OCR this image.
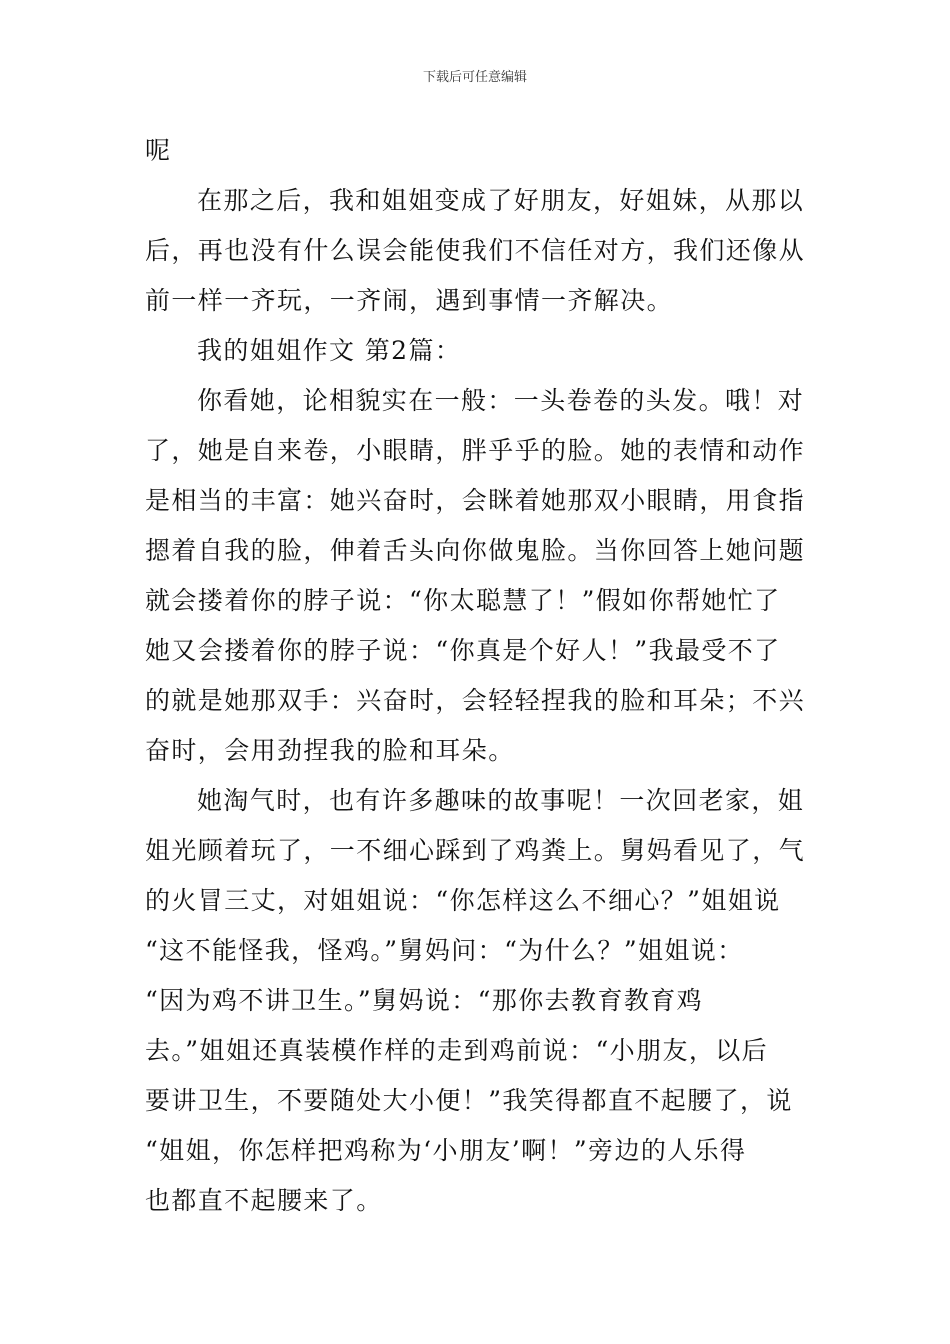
下载后可任意编辑

呢

在那之后，我和姐姐变成了好朋友，好姐妹，从那以
后，再也没有什么误会能使我们不信任对方，我们还像从
前一样一齐玩，一齐闹，遇到事情一齐解决。

我的姐姐作文 第2篇：

你看她，论相貌实在一般：一头卷卷的头发。哦！对
了，她是自来卷，小眼睛，胖乎乎的脸。她的表情和动作
是相当的丰富：她兴奋时，会眯着她那双小眼睛，用食指
摁着自我的脸，伸着舌头向你做鬼脸。当你回答上她问题
就会搂着你的脖子说：“你太聪慧了！”假如你帮她忙了
她又会搂着你的脖子说：“你真是个好人！”我最受不了
的就是她那双手：兴奋时，会轻轻捏我的脸和耳朵；不兴
奋时，会用劲捏我的脸和耳朵。

她淘气时，也有许多趣味的故事呢！一次回老家，姐
姐光顾着玩了，一不细心踩到了鸡粪上。舅妈看见了，气
的火冒三丈，对姐姐说：“你怎样这么不细心？”姐姐说
“这不能怪我，怪鸡。”舅妈问：“为什么？”姐姐说：
“因为鸡不讲卫生。”舅妈说：“那你去教育教育鸡
去。”姐姐还真装模作样的走到鸡前说：“小朋友，以后
要讲卫生，不要随处大小便！”我笑得都直不起腰了，说
“姐姐，你怎样把鸡称为‘小朋友’啊！”旁边的人乐得
也都直不起腰来了。
